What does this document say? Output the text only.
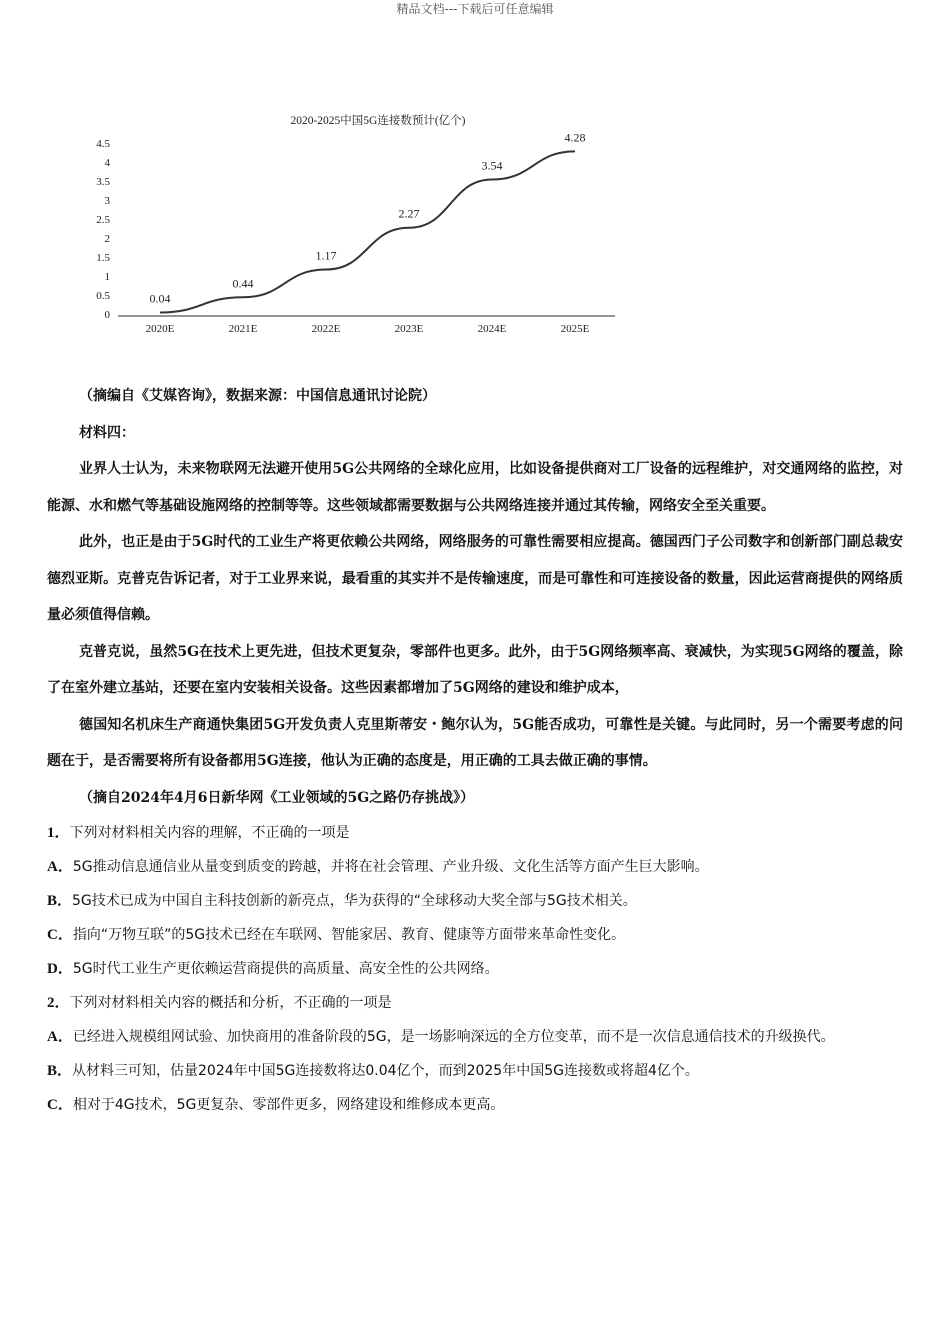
精品文档---下载后可任意编辑
2020-2025中国5G连接数预计(亿个)
0
0.5
1
1.5
2
2.5
3
3.5
4
4.5
2020E	2021E	2022E	2023E	2024E	2025E
0.04
0.44
1.17
2.27
3.54
4.28

（摘编自《艾媒咨询》，数据来源：中国信息通讯讨论院）

材料四：

业界人士认为，未来物联网无法避开使用5G公共网络的全球化应用，比如设备提供商对工厂设备的远程维护，对交通网络的监控，对能源、水和燃气等基础设施网络的控制等等。这些领域都需要数据与公共网络连接并通过其传输，网络安全至关重要。

此外，也正是由于5G时代的工业生产将更依赖公共网络，网络服务的可靠性需要相应提高。德国西门子公司数字和创新部门副总裁安德烈亚斯。克普克告诉记者，对于工业界来说，最看重的其实并不是传输速度，而是可靠性和可连接设备的数量，因此运营商提供的网络质量必须值得信赖。

克普克说，虽然5G在技术上更先进，但技术更复杂，零部件也更多。此外，由于5G网络频率高、衰减快，为实现5G网络的覆盖，除了在室外建立基站，还要在室内安装相关设备。这些因素都增加了5G网络的建设和维护成本，

德国知名机床生产商通快集团5G开发负责人克里斯蒂安・鲍尔认为，5G能否成功，可靠性是关键。与此同时，另一个需要考虑的问题在于，是否需要将所有设备都用5G连接，他认为正确的态度是，用正确的工具去做正确的事情。

（摘自2024年4月6日新华网《工业领域的5G之路仍存挑战》）

1．下列对材料相关内容的理解，不正确的一项是

A．5G推动信息通信业从量变到质变的跨越，并将在社会管理、产业升级、文化生活等方面产生巨大影响。

B．5G技术已成为中国自主科技创新的新亮点，华为获得的“全球移动大奖全部与5G技术相关。

C．指向“万物互联”的5G技术已经在车联网、智能家居、教育、健康等方面带来革命性变化。

D．5G时代工业生产更依赖运营商提供的高质量、高安全性的公共网络。

2．下列对材料相关内容的概括和分析，不正确的一项是

A．已经进入规模组网试验、加快商用的准备阶段的5G，是一场影响深远的全方位变革，而不是一次信息通信技术的升级换代。

B．从材料三可知，估量2024年中国5G连接数将达0.04亿个，而到2025年中国5G连接数或将超4亿个。

C．相对于4G技术，5G更复杂、零部件更多，网络建设和维修成本更高。
